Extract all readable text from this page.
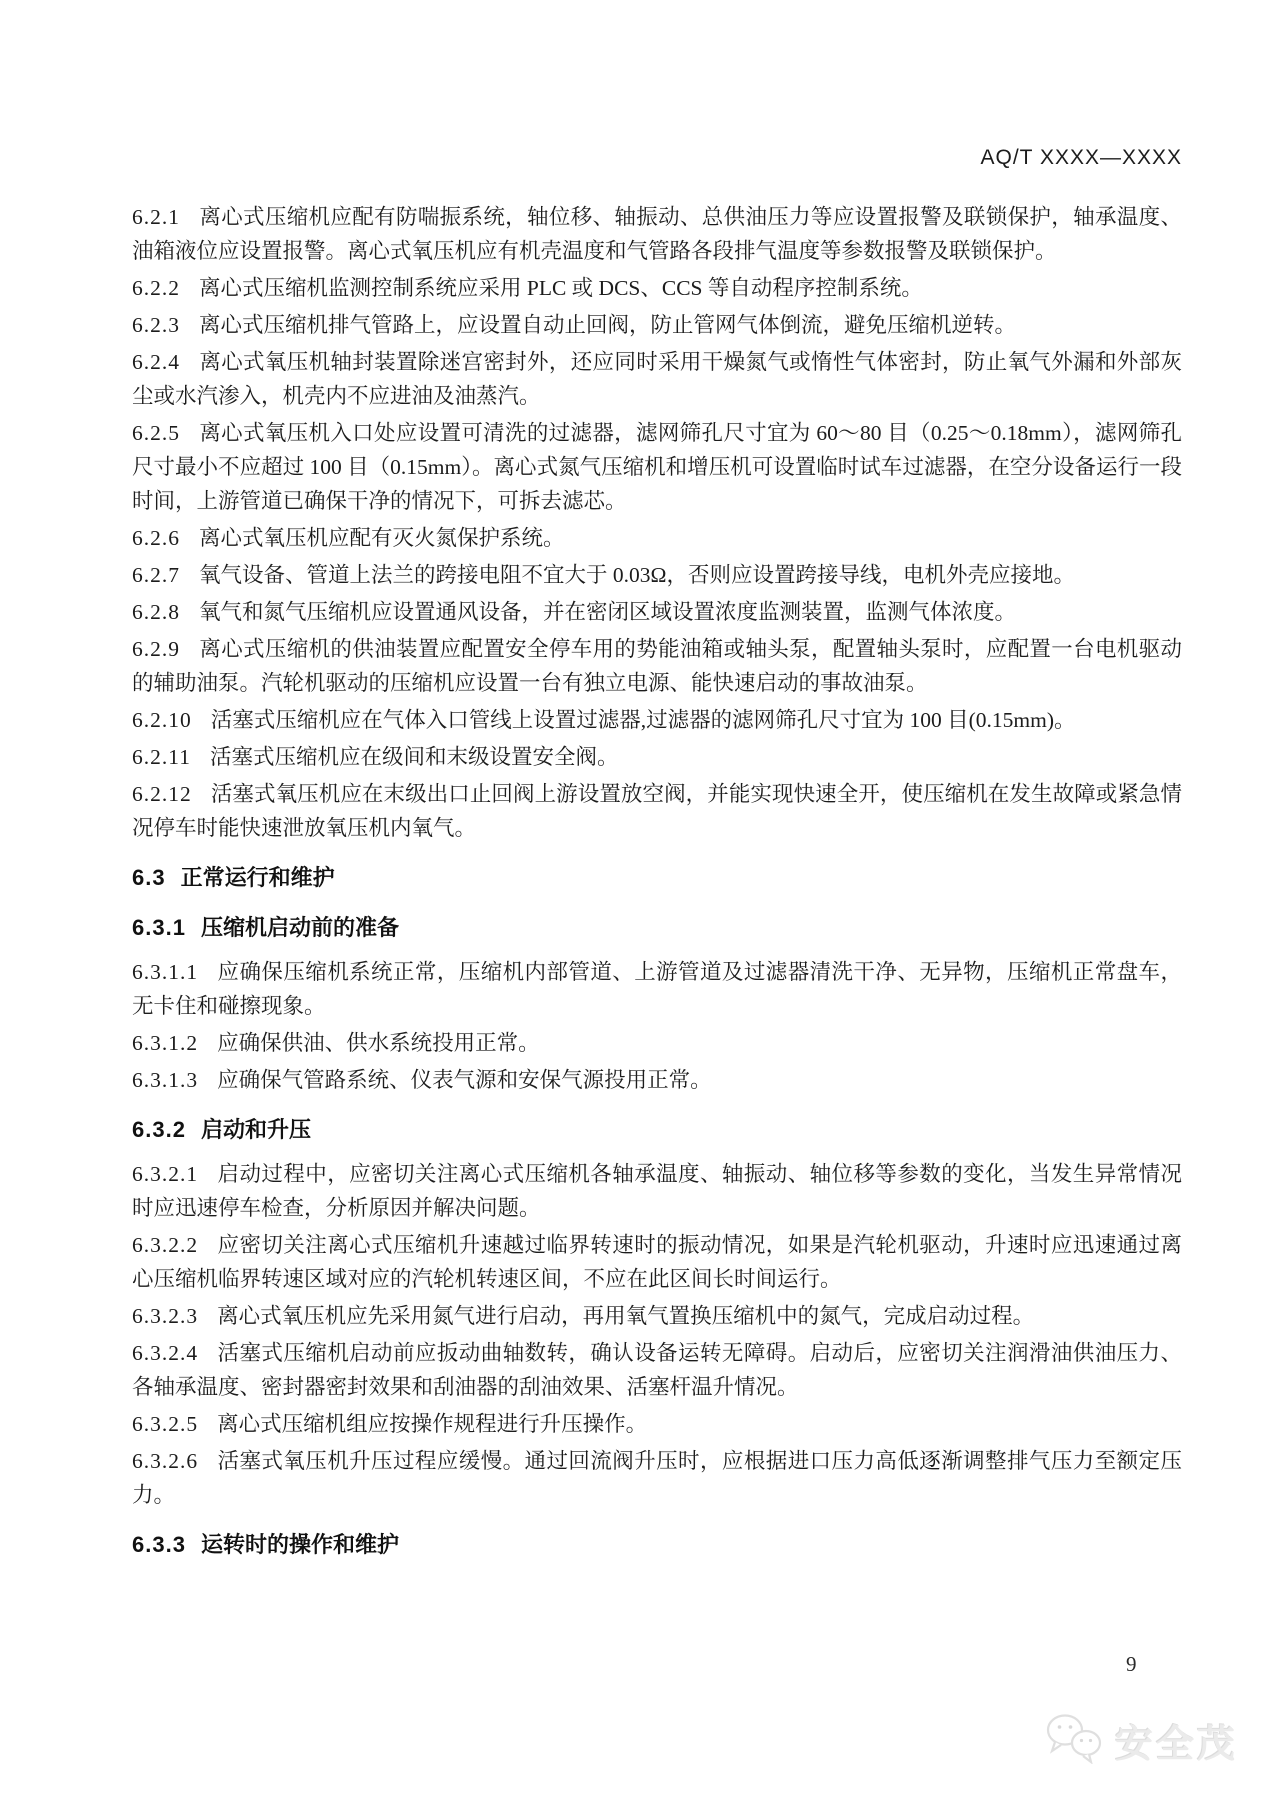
AQ/T XXXX—XXXX

6.2.1 离心式压缩机应配有防喘振系统，轴位移、轴振动、总供油压力等应设置报警及联锁保护，轴承温度、油箱液位应设置报警。离心式氧压机应有机壳温度和气管路各段排气温度等参数报警及联锁保护。

6.2.2 离心式压缩机监测控制系统应采用 PLC 或 DCS、CCS 等自动程序控制系统。

6.2.3 离心式压缩机排气管路上，应设置自动止回阀，防止管网气体倒流，避免压缩机逆转。

6.2.4 离心式氧压机轴封装置除迷宫密封外，还应同时采用干燥氮气或惰性气体密封，防止氧气外漏和外部灰尘或水汽渗入，机壳内不应进油及油蒸汽。

6.2.5 离心式氧压机入口处应设置可清洗的过滤器，滤网筛孔尺寸宜为 60～80 目（0.25～0.18mm），滤网筛孔尺寸最小不应超过 100 目（0.15mm）。离心式氮气压缩机和增压机可设置临时试车过滤器，在空分设备运行一段时间，上游管道已确保干净的情况下，可拆去滤芯。

6.2.6 离心式氧压机应配有灭火氮保护系统。

6.2.7 氧气设备、管道上法兰的跨接电阻不宜大于 0.03Ω，否则应设置跨接导线，电机外壳应接地。

6.2.8 氧气和氮气压缩机应设置通风设备，并在密闭区域设置浓度监测装置，监测气体浓度。

6.2.9 离心式压缩机的供油装置应配置安全停车用的势能油箱或轴头泵，配置轴头泵时，应配置一台电机驱动的辅助油泵。汽轮机驱动的压缩机应设置一台有独立电源、能快速启动的事故油泵。

6.2.10 活塞式压缩机应在气体入口管线上设置过滤器,过滤器的滤网筛孔尺寸宜为 100 目(0.15mm)。

6.2.11 活塞式压缩机应在级间和末级设置安全阀。

6.2.12 活塞式氧压机应在末级出口止回阀上游设置放空阀，并能实现快速全开，使压缩机在发生故障或紧急情况停车时能快速泄放氧压机内氧气。

6.3 正常运行和维护
6.3.1 压缩机启动前的准备

6.3.1.1 应确保压缩机系统正常，压缩机内部管道、上游管道及过滤器清洗干净、无异物，压缩机正常盘车，无卡住和碰擦现象。

6.3.1.2 应确保供油、供水系统投用正常。

6.3.1.3 应确保气管路系统、仪表气源和安保气源投用正常。

6.3.2 启动和升压

6.3.2.1 启动过程中，应密切关注离心式压缩机各轴承温度、轴振动、轴位移等参数的变化，当发生异常情况时应迅速停车检查，分析原因并解决问题。

6.3.2.2 应密切关注离心式压缩机升速越过临界转速时的振动情况，如果是汽轮机驱动，升速时应迅速通过离心压缩机临界转速区域对应的汽轮机转速区间，不应在此区间长时间运行。

6.3.2.3 离心式氧压机应先采用氮气进行启动，再用氧气置换压缩机中的氮气，完成启动过程。

6.3.2.4 活塞式压缩机启动前应扳动曲轴数转，确认设备运转无障碍。启动后，应密切关注润滑油供油压力、各轴承温度、密封器密封效果和刮油器的刮油效果、活塞杆温升情况。

6.3.2.5 离心式压缩机组应按操作规程进行升压操作。

6.3.2.6 活塞式氧压机升压过程应缓慢。通过回流阀升压时，应根据进口压力高低逐渐调整排气压力至额定压力。

6.3.3 运转时的操作和维护
9
安全茂
